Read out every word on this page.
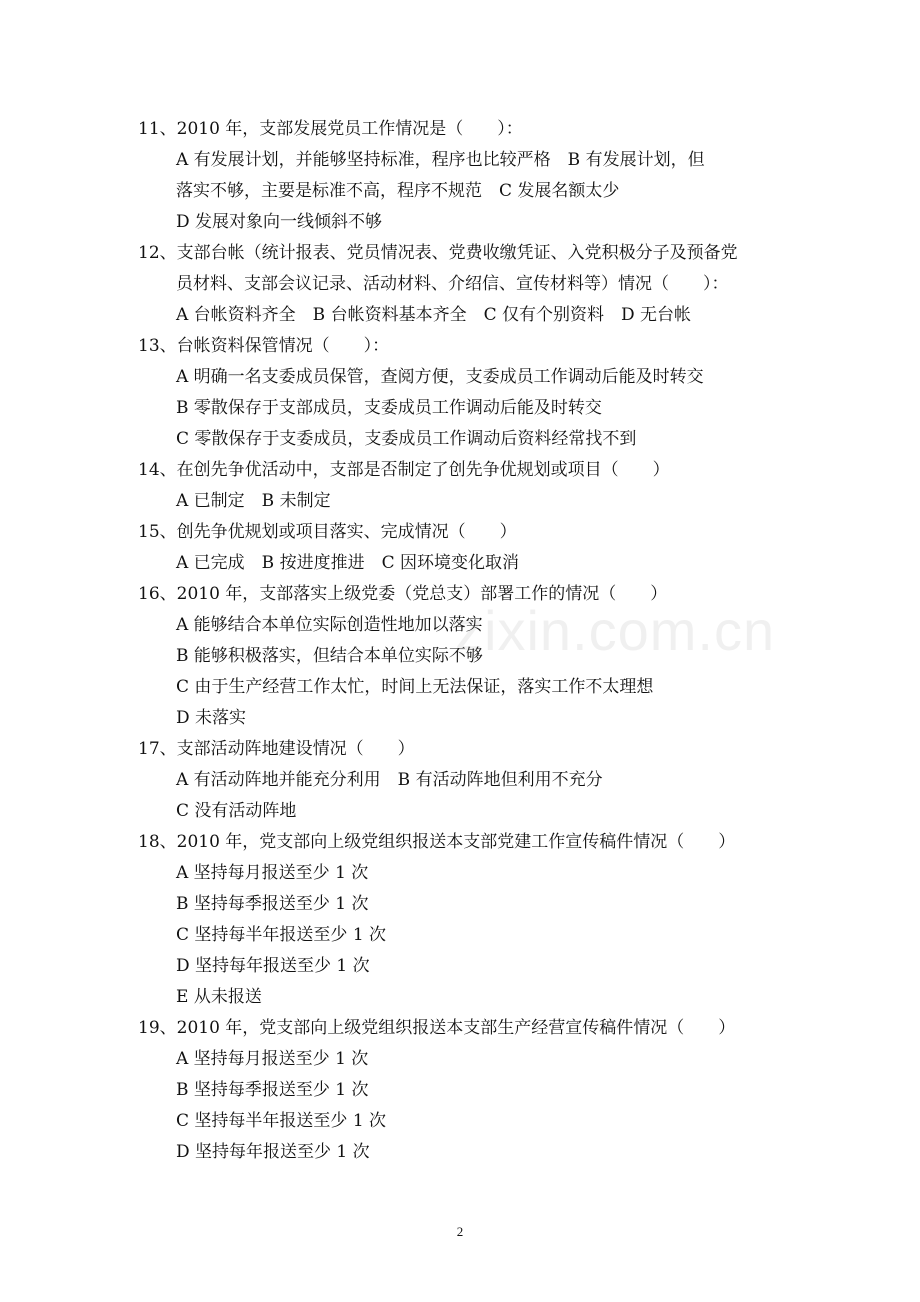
11、2010 年，支部发展党员工作情况是（　　）：
A 有发展计划，并能够坚持标准，程序也比较严格　B 有发展计划，但
落实不够，主要是标准不高，程序不规范　C 发展名额太少
D 发展对象向一线倾斜不够
12、支部台帐（统计报表、党员情况表、党费收缴凭证、入党积极分子及预备党
员材料、支部会议记录、活动材料、介绍信、宣传材料等）情况（　　）：
A 台帐资料齐全　B 台帐资料基本齐全　C 仅有个别资料　D 无台帐
13、台帐资料保管情况（　　）：
A 明确一名支委成员保管，查阅方便，支委成员工作调动后能及时转交
B 零散保存于支部成员，支委成员工作调动后能及时转交
C 零散保存于支委成员，支委成员工作调动后资料经常找不到
14、在创先争优活动中，支部是否制定了创先争优规划或项目（　　）
A 已制定　B 未制定
15、创先争优规划或项目落实、完成情况（　　）
A 已完成　B 按进度推进　C 因环境变化取消
16、2010 年，支部落实上级党委（党总支）部署工作的情况（　　）
A 能够结合本单位实际创造性地加以落实
B 能够积极落实，但结合本单位实际不够
C 由于生产经营工作太忙，时间上无法保证，落实工作不太理想
D 未落实
17、支部活动阵地建设情况（　　）
A 有活动阵地并能充分利用　B 有活动阵地但利用不充分
C 没有活动阵地
18、2010 年，党支部向上级党组织报送本支部党建工作宣传稿件情况（　　）
A 坚持每月报送至少 1 次
B 坚持每季报送至少 1 次
C 坚持每半年报送至少 1 次
D 坚持每年报送至少 1 次
E 从未报送
19、2010 年，党支部向上级党组织报送本支部生产经营宣传稿件情况（　　）
A 坚持每月报送至少 1 次
B 坚持每季报送至少 1 次
C 坚持每半年报送至少 1 次
D 坚持每年报送至少 1 次
zixin.com.cn
2
